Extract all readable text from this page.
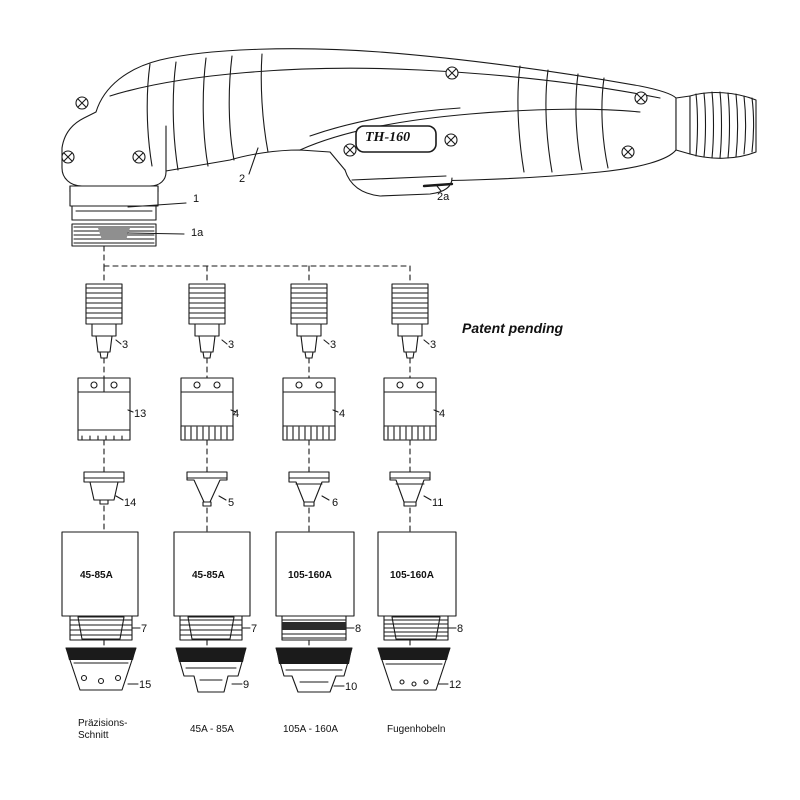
TH-160
Patent pending
1
1a
2
2a
3
13
14
7
15
3
4
5
7
9
3
4
6
8
10
3
4
11
8
12
45-85A	45-85A	105-160A	105-160A
Präzisions-
Schnitt
45A - 85A	105A - 160A	Fugenhobeln
